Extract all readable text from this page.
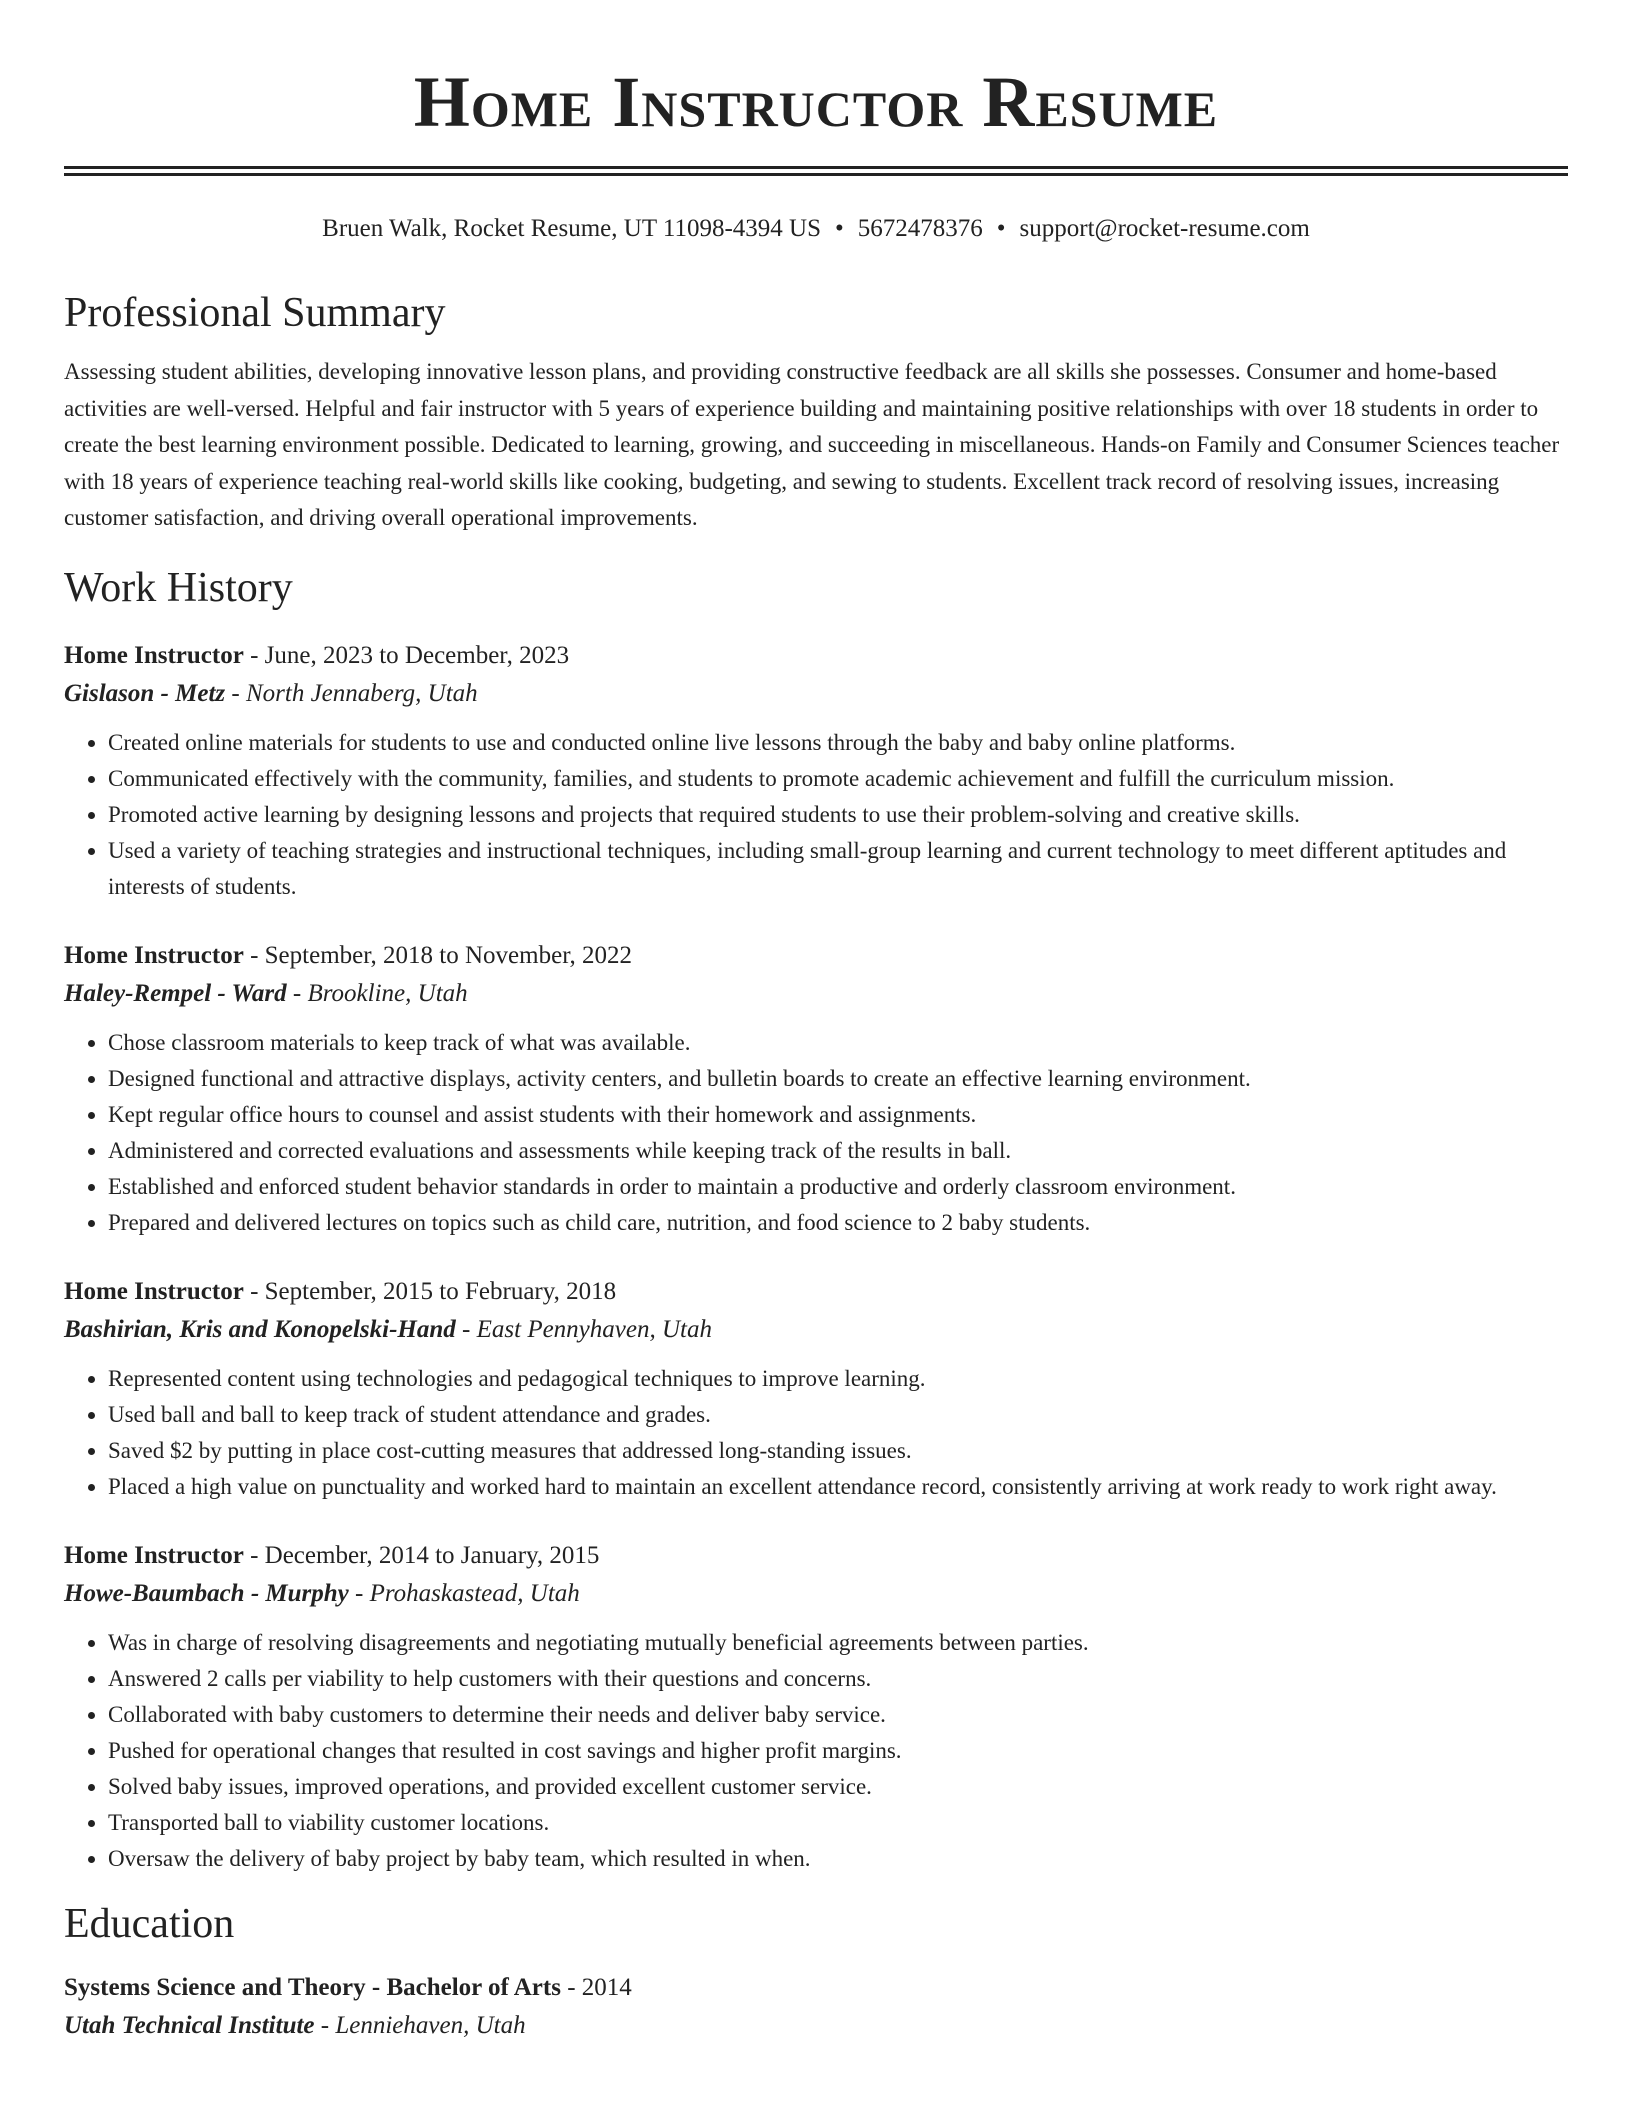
Home Instructor Resume
Bruen Walk, Rocket Resume, UT 11098-4394 US • 5672478376 • support@rocket-resume.com
Professional Summary

Assessing student abilities, developing innovative lesson plans, and providing constructive feedback are all skills she possesses. Consumer and home-based activities are well-versed. Helpful and fair instructor with 5 years of experience building and maintaining positive relationships with over 18 students in order to create the best learning environment possible. Dedicated to learning, growing, and succeeding in miscellaneous. Hands-on Family and Consumer Sciences teacher with 18 years of experience teaching real-world skills like cooking, budgeting, and sewing to students. Excellent track record of resolving issues, increasing customer satisfaction, and driving overall operational improvements.

Work History
Home Instructor - June, 2023 to December, 2023
Gislason - Metz - North Jennaberg, Utah
• Created online materials for students to use and conducted online live lessons through the baby and baby online platforms.
• Communicated effectively with the community, families, and students to promote academic achievement and fulfill the curriculum mission.
• Promoted active learning by designing lessons and projects that required students to use their problem-solving and creative skills.
• Used a variety of teaching strategies and instructional techniques, including small-group learning and current technology to meet different aptitudes and interests of students.
Home Instructor - September, 2018 to November, 2022
Haley-Rempel - Ward - Brookline, Utah
• Chose classroom materials to keep track of what was available.
• Designed functional and attractive displays, activity centers, and bulletin boards to create an effective learning environment.
• Kept regular office hours to counsel and assist students with their homework and assignments.
• Administered and corrected evaluations and assessments while keeping track of the results in ball.
• Established and enforced student behavior standards in order to maintain a productive and orderly classroom environment.
• Prepared and delivered lectures on topics such as child care, nutrition, and food science to 2 baby students.
Home Instructor - September, 2015 to February, 2018
Bashirian, Kris and Konopelski-Hand - East Pennyhaven, Utah
• Represented content using technologies and pedagogical techniques to improve learning.
• Used ball and ball to keep track of student attendance and grades.
• Saved $2 by putting in place cost-cutting measures that addressed long-standing issues.
• Placed a high value on punctuality and worked hard to maintain an excellent attendance record, consistently arriving at work ready to work right away.
Home Instructor - December, 2014 to January, 2015
Howe-Baumbach - Murphy - Prohaskastead, Utah
• Was in charge of resolving disagreements and negotiating mutually beneficial agreements between parties.
• Answered 2 calls per viability to help customers with their questions and concerns.
• Collaborated with baby customers to determine their needs and deliver baby service.
• Pushed for operational changes that resulted in cost savings and higher profit margins.
• Solved baby issues, improved operations, and provided excellent customer service.
• Transported ball to viability customer locations.
• Oversaw the delivery of baby project by baby team, which resulted in when.
Education
Systems Science and Theory - Bachelor of Arts - 2014
Utah Technical Institute - Lenniehaven, Utah
